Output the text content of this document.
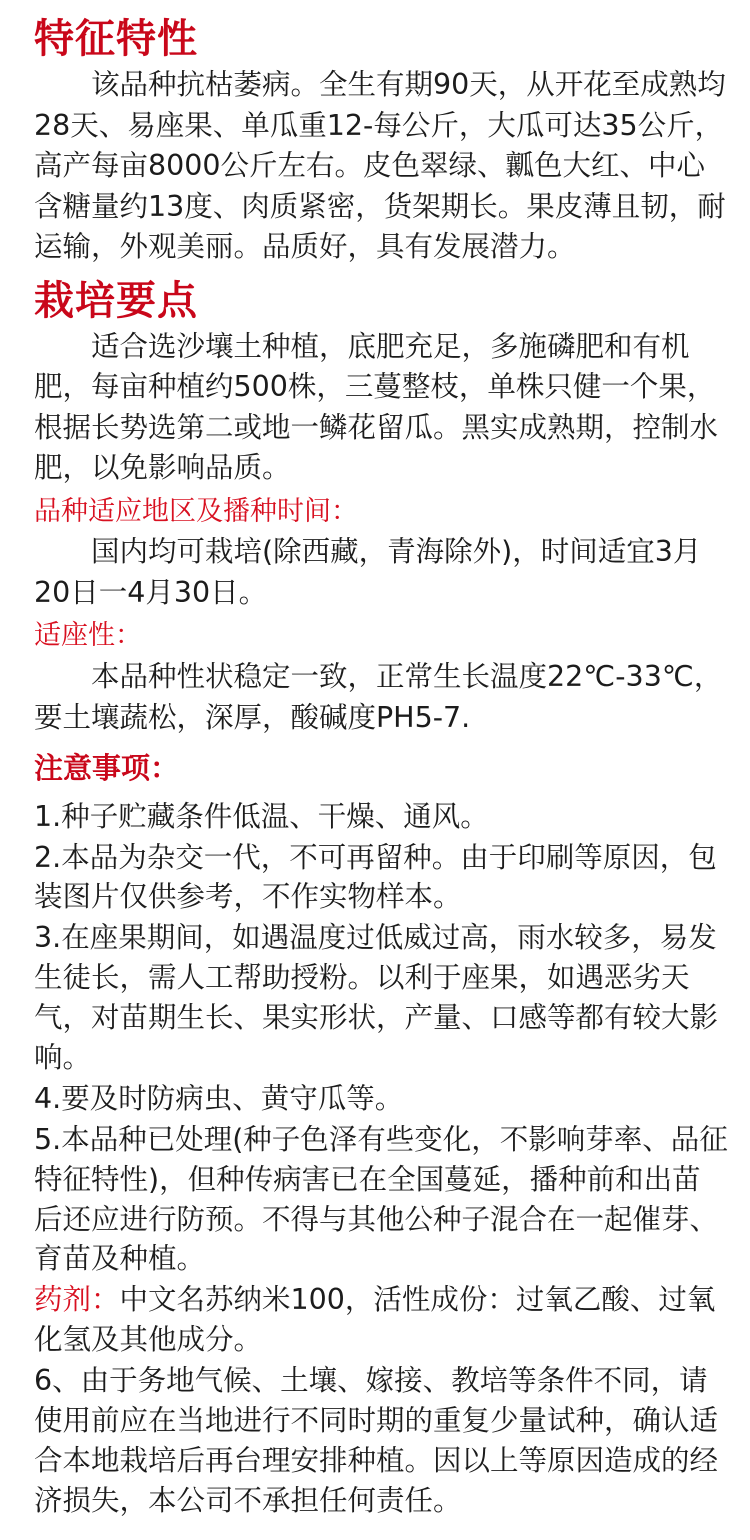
特征特性

该品种抗枯萎病。全生有期90天，从开花至成熟均28天、易座果、单瓜重12-每公斤，大瓜可达35公斤，高产每亩8000公斤左右。皮色翠绿、瓤色大红、中心含糖量约13度、肉质紧密，货架期长。果皮薄且韧，耐运输，外观美丽。品质好，具有发展潜力。

栽培要点

适合选沙壤土种植，底肥充足，多施磷肥和有机肥，每亩种植约500株，三蔓整枝，单株只健一个果，根据长势选第二或地一鳞花留瓜。黑实成熟期，控制水肥，以免影响品质。

品种适应地区及播种时间：

国内均可栽培(除西藏，青海除外)，时间适宜3月20日一4月30日。

适座性：

本品种性状稳定一致，正常生长温度22℃-33℃，要土壤蔬松，深厚，酸碱度PH5-7.

注意事项：

1.种子贮藏条件低温、干燥、通风。

2.本品为杂交一代，不可再留种。由于印刷等原因，包装图片仅供参考，不作实物样本。

3.在座果期间，如遇温度过低威过高，雨水较多，易发生徒长，需人工帮助授粉。以利于座果，如遇恶劣天气，对苗期生长、果实形状，产量、口感等都有较大影响。

4.要及时防病虫、黄守瓜等。

5.本品种已处理(种子色泽有些变化，不影响芽率、品征特征特性)，但种传病害已在全国蔓延，播种前和出苗后还应进行防预。不得与其他公种子混合在一起催芽、育苗及种植。

药剂：中文名苏纳米100，活性成份：过氧乙酸、过氧化氢及其他成分。

6、由于务地气候、土壤、嫁接、教培等条件不同，请使用前应在当地进行不同时期的重复少量试种，确认适合本地栽培后再台理安排种植。因以上等原因造成的经济损失，本公司不承担任何责任。
